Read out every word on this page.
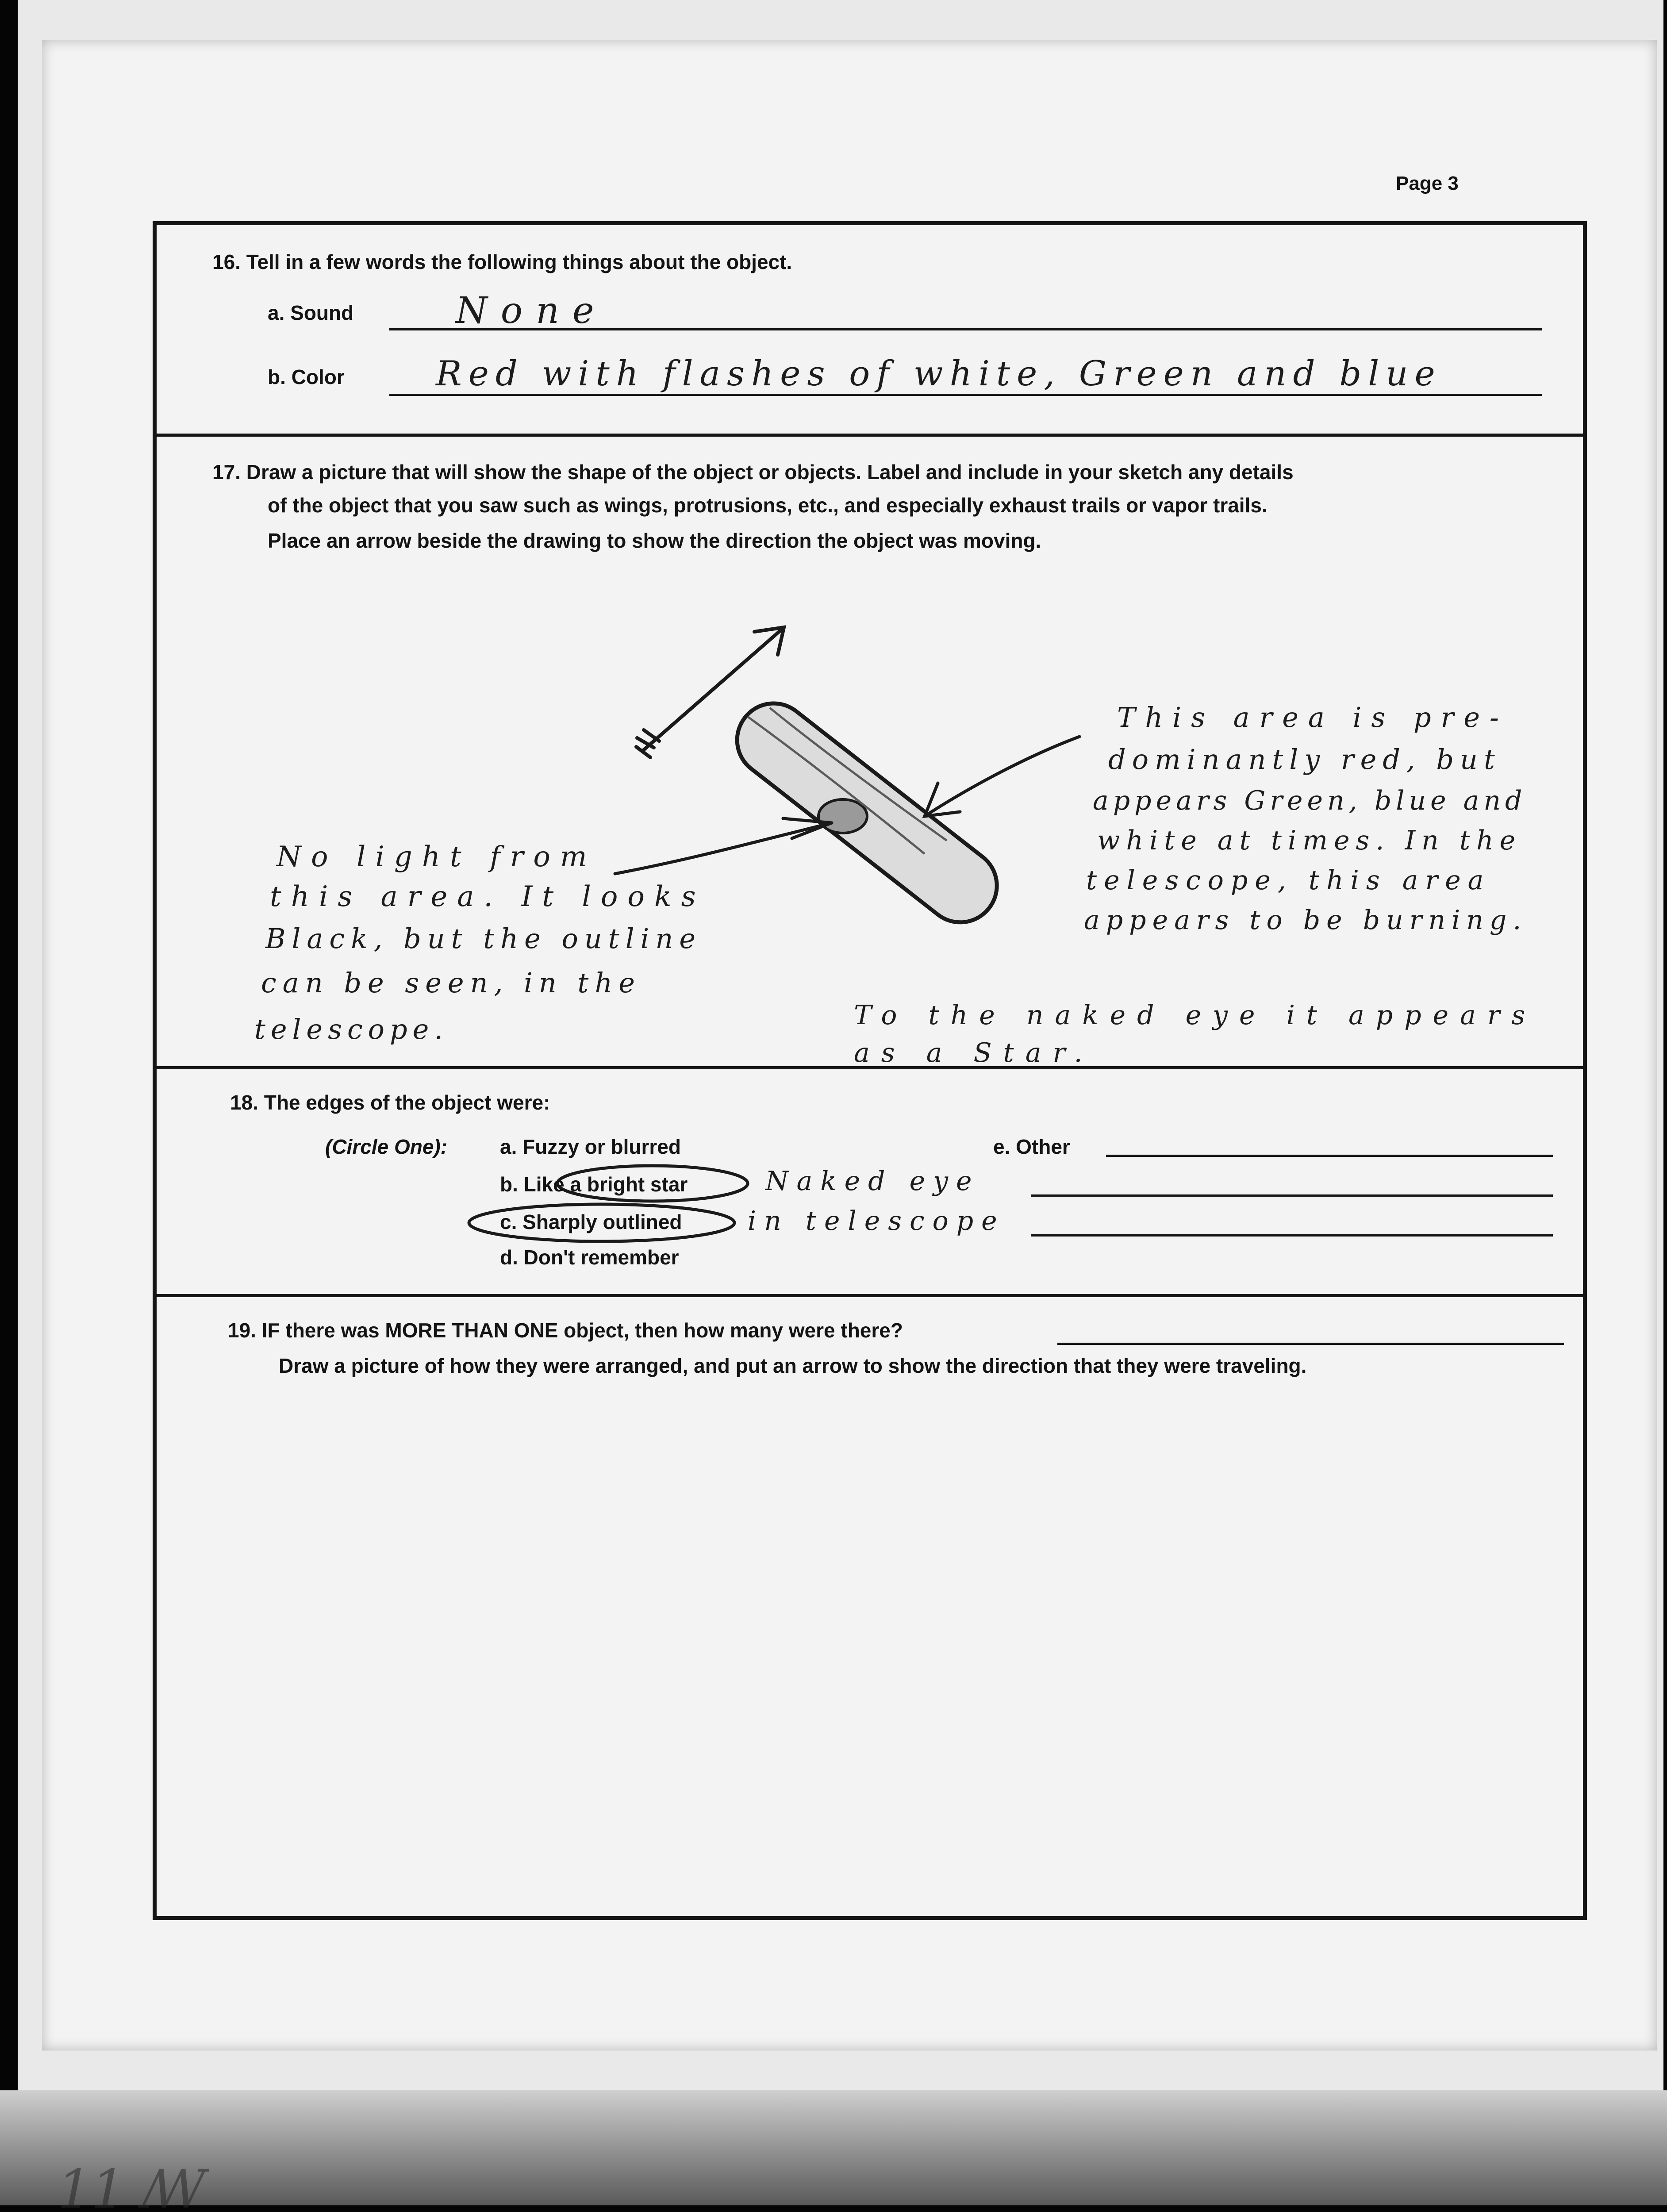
Page 3
16. Tell in a few words the following things about the object.
a. Sound	None
b. Color	Red with flashes of white, Green and blue
17. Draw a picture that will show the shape of the object or objects. Label and include in your sketch any details
of the object that you saw such as wings, protrusions, etc., and especially exhaust trails or vapor trails.
Place an arrow beside the drawing to show the direction the object was moving.
No light from
this area. It looks
Black, but the outline
can be seen, in the
telescope.
This area is pre-
dominantly red, but
appears Green, blue and
white at times. In the
telescope, this area
appears to be burning.
To the naked eye it appears
as a Star.
18. The edges of the object were:
(Circle One):	a. Fuzzy or blurred
b. Like a bright star	Naked eye
c. Sharply outlined in telescope
d. Don't remember
e. Other
19. IF there was MORE THAN ONE object, then how many were there?
Draw a picture of how they were arranged, and put an arrow to show the direction that they were traveling.
11 ꟿ
